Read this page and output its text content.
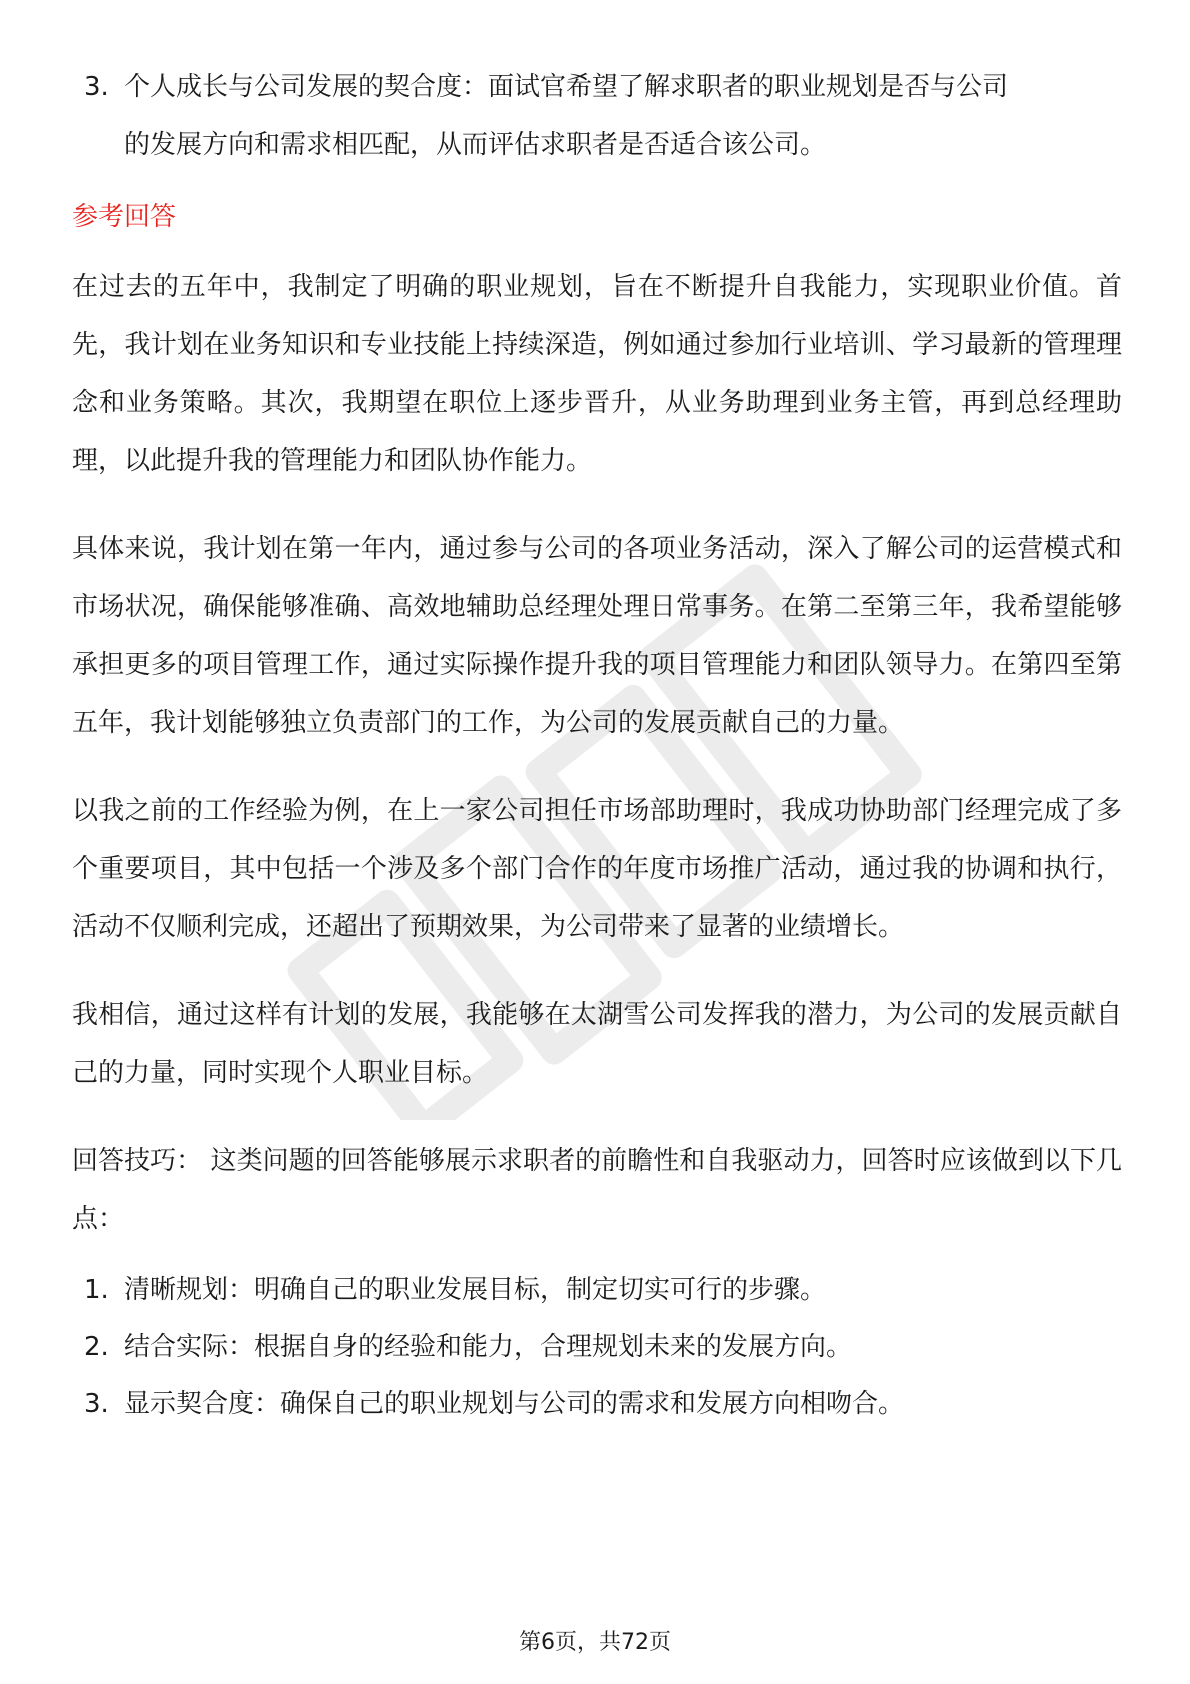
3. 个人成长与公司发展的契合度：面试官希望了解求职者的职业规划是否与公司
的发展方向和需求相匹配，从而评估求职者是否适合该公司。
参考回答

在过去的五年中，我制定了明确的职业规划，旨在不断提升自我能力，实现职业价值。首先，我计划在业务知识和专业技能上持续深造，例如通过参加行业培训、学习最新的管理理念和业务策略。其次，我期望在职位上逐步晋升，从业务助理到业务主管，再到总经理助理，以此提升我的管理能力和团队协作能力。

具体来说，我计划在第一年内，通过参与公司的各项业务活动，深入了解公司的运营模式和市场状况，确保能够准确、高效地辅助总经理处理日常事务。在第二至第三年，我希望能够承担更多的项目管理工作，通过实际操作提升我的项目管理能力和团队领导力。在第四至第五年，我计划能够独立负责部门的工作，为公司的发展贡献自己的力量。

以我之前的工作经验为例，在上一家公司担任市场部助理时，我成功协助部门经理完成了多个重要项目，其中包括一个涉及多个部门合作的年度市场推广活动，通过我的协调和执行，活动不仅顺利完成，还超出了预期效果，为公司带来了显著的业绩增长。

我相信，通过这样有计划的发展，我能够在太湖雪公司发挥我的潜力，为公司的发展贡献自己的力量，同时实现个人职业目标。

回答技巧： 这类问题的回答能够展示求职者的前瞻性和自我驱动力，回答时应该做到以下几点：

1. 清晰规划：明确自己的职业发展目标，制定切实可行的步骤。
2. 结合实际：根据自身的经验和能力，合理规划未来的发展方向。
3. 显示契合度：确保自己的职业规划与公司的需求和发展方向相吻合。
第6页，共72页
